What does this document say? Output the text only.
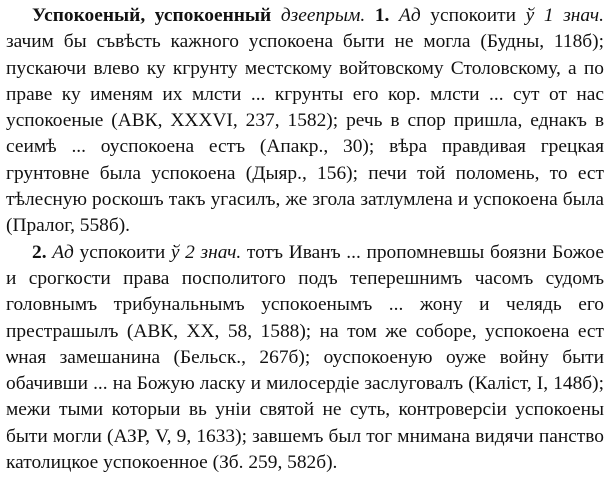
Успокоеный, успокоенный дзеепрым. 1. Ад успокоити ў 1 знач. зачим бы съвѣсть кажного успокоена быти не могла (Будны, 118б); пускаючи влево ку кгрунту местскому войтовскому Столовскому, а по праве ку именям их млсти ... кгрунты его кор. млсти ... сут от нас успокоеные (АВК, XXXVI, 237, 1582); речь в спор пришла, еднакъ в сеимѣ ... оуспокоена естъ (Апакр., 30); вѣра правдивая грецкая грунтовне была успокоена (Дыяр., 156); печи той поломень, то ест тѣлесную роскошъ такъ угасилъ, же згола затлумлена и успокоена была (Пралог, 558б).

2. Ад успокоити ў 2 знач. тотъ Иванъ ... пропомневшы боязни Божое и срогкости права посполитого подъ теперешнимъ часомъ судомъ головнымъ трибунальнымъ успокоенымъ ... жону и челядь его престрашылъ (АВК, XX, 58, 1588); на том же соборе, успокоена ест ѡная замешанина (Бельск., 267б); оуспокоеную оуже войну быти обачивши ... на Божую ласку и милосердіе заслуговалъ (Калiст, I, 148б); межи тыми которыи вь унiи святой не суть, контроверсiи успокоены быти могли (АЗР, V, 9, 1633); завшемъ был тог мнимана видячи панство католицкое успокоенное (Зб. 259, 582б).
